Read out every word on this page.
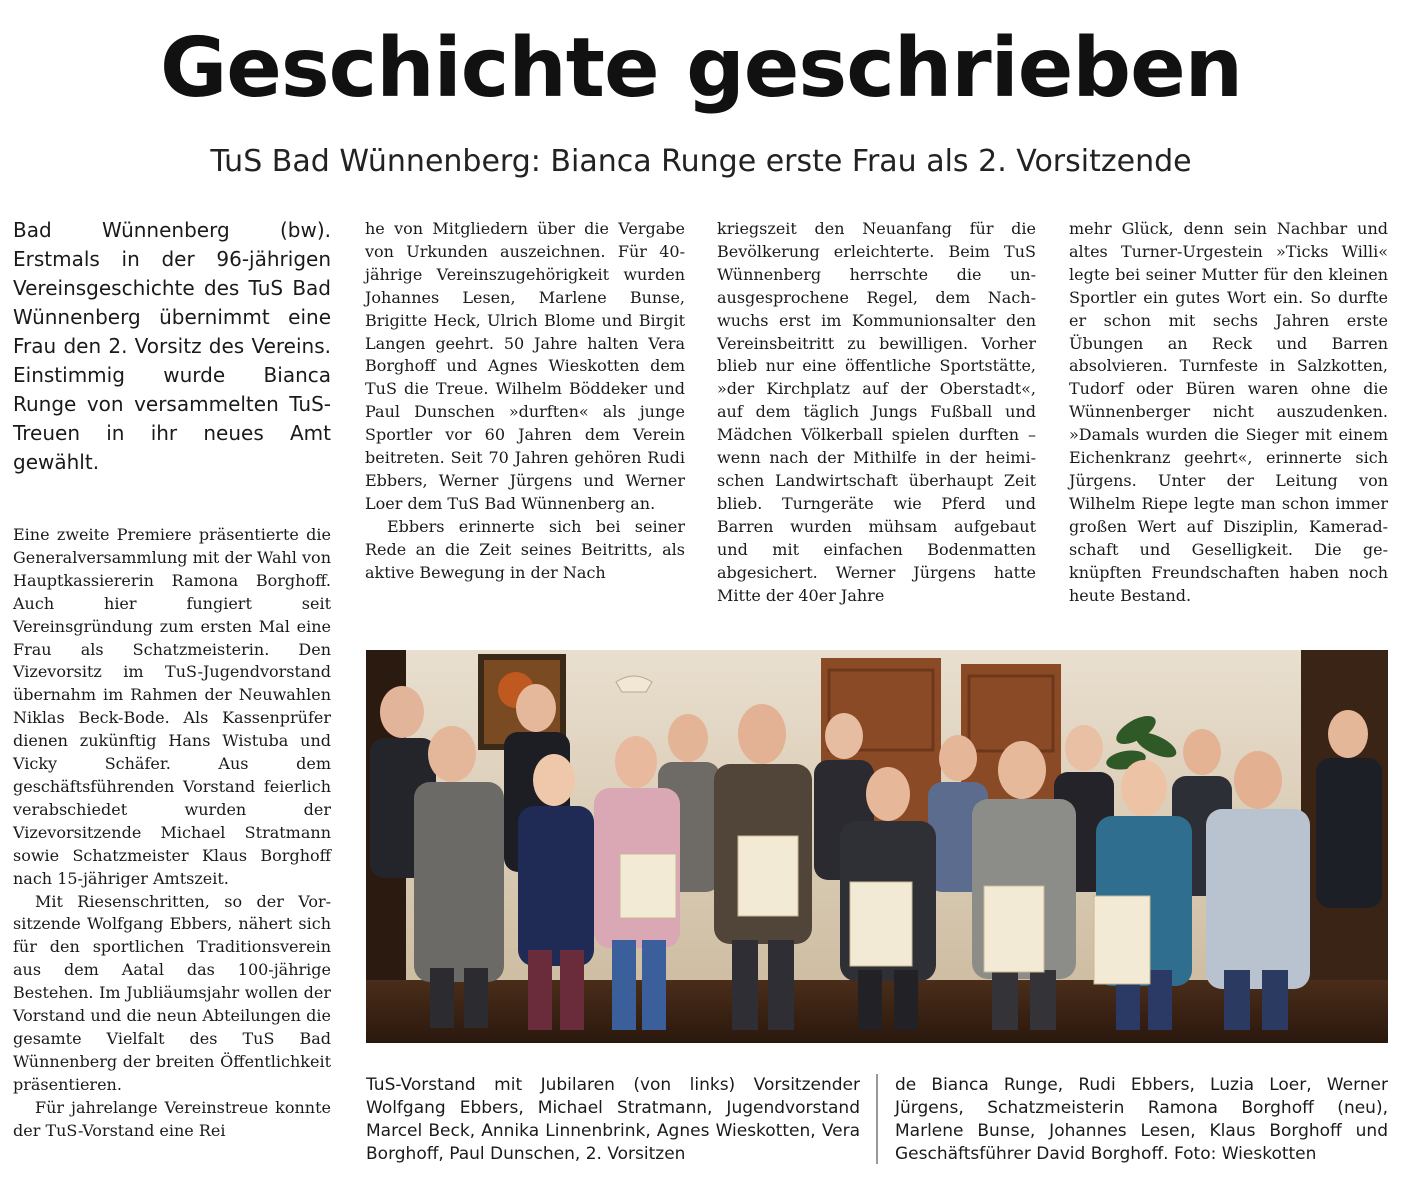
Geschichte geschrieben
TuS Bad Wünnenberg: Bianca Runge erste Frau als 2. Vorsitzende
Bad Wünnenberg (bw). Erstmals in der 96-jährigen Vereinsgeschichte des TuS Bad Wünnenberg übernimmt eine Frau den 2. Vorsitz des Vereins. Einstimmig wurde Bianca Runge von versammelten TuS-Treuen in ihr neues Amt gewählt.

Eine zweite Premiere präsentierte die Generalversammlung mit der Wahl von Hauptkassiererin Ramona Borghoff. Auch hier fungiert seit Vereinsgründung zum ersten Mal eine Frau als Schatzmeisterin. Den Vizevorsitz im TuS-Jugendvorstand übernahm im Rahmen der Neuwahlen Niklas Beck-Bode. Als Kassenprüfer dienen zukünftig Hans Wistuba und Vicky Schäfer. Aus dem geschäftsführenden Vorstand feierlich verabschiedet wurden der Vizevorsitzende Michael Stratmann sowie Schatzmeister Klaus Borghoff nach 15-jähriger Amtszeit.

Mit Riesenschritten, so der Vorsitzende Wolfgang Ebbers, nähert sich für den sportlichen Traditionsverein aus dem Aatal das 100-jährige Bestehen. Im Jubliäumsjahr wollen der Vorstand und die neun Abteilungen die gesamte Vielfalt des TuS Bad Wünnenberg der breiten Öffentlichkeit präsentieren.

Für jahrelange Vereinstreue konnte der TuS-Vorstand eine Rei

he von Mitgliedern über die Vergabe von Urkunden auszeichnen. Für 40-jährige Vereinszugehörigkeit wurden Johannes Lesen, Marlene Bunse, Brigitte Heck, Ulrich Blome und Birgit Langen geehrt. 50 Jahre halten Vera Borghoff und Agnes Wieskotten dem TuS die Treue. Wilhelm Böddeker und Paul Dunschen »durften« als junge Sportler vor 60 Jahren dem Verein beitreten. Seit 70 Jahren gehören Rudi Ebbers, Werner Jürgens und Werner Loer dem TuS Bad Wünnenberg an.

Ebbers erinnerte sich bei seiner Rede an die Zeit seines Beitritts, als aktive Bewegung in der Nach

kriegszeit den Neuanfang für die Bevölkerung erleichterte. Beim TuS Wünnenberg herrschte die unausgesprochene Regel, dem Nachwuchs erst im Kommunionsalter den Vereinsbeitritt zu bewilligen. Vorher blieb nur eine öffentliche Sportstätte, »der Kirchplatz auf der Oberstadt«, auf dem täglich Jungs Fußball und Mädchen Völkerball spielen durften – wenn nach der Mithilfe in der heimischen Landwirtschaft überhaupt Zeit blieb. Turngeräte wie Pferd und Barren wurden mühsam aufgebaut und mit einfachen Bodenmatten abgesichert. Werner Jürgens hatte Mitte der 40er Jahre

mehr Glück, denn sein Nachbar und altes Turner-Urgestein »Ticks Willi« legte bei seiner Mutter für den kleinen Sportler ein gutes Wort ein. So durfte er schon mit sechs Jahren erste Übungen an Reck und Barren absolvieren. Turnfeste in Salzkotten, Tudorf oder Büren waren ohne die Wünnenberger nicht auszudenken. »Damals wurden die Sieger mit einem Eichenkranz geehrt«, erinnerte sich Jürgens. Unter der Leitung von Wilhelm Riepe legte man schon immer großen Wert auf Disziplin, Kameradschaft und Geselligkeit. Die geknüpften Freundschaften haben noch heute Bestand.

TuS-Vorstand mit Jubilaren (von links) Vorsitzender Wolfgang Ebbers, Michael Stratmann, Jugendvorstand Marcel Beck, Annika Linnenbrink, Agnes Wieskotten, Vera Borghoff, Paul Dunschen, 2. Vorsitzen
de Bianca Runge, Rudi Ebbers, Luzia Loer, Werner Jürgens, Schatzmeisterin Ramona Borghoff (neu), Marlene Bunse, Johannes Lesen, Klaus Borghoff und Geschäftsführer David Borghoff. Foto: Wieskotten
